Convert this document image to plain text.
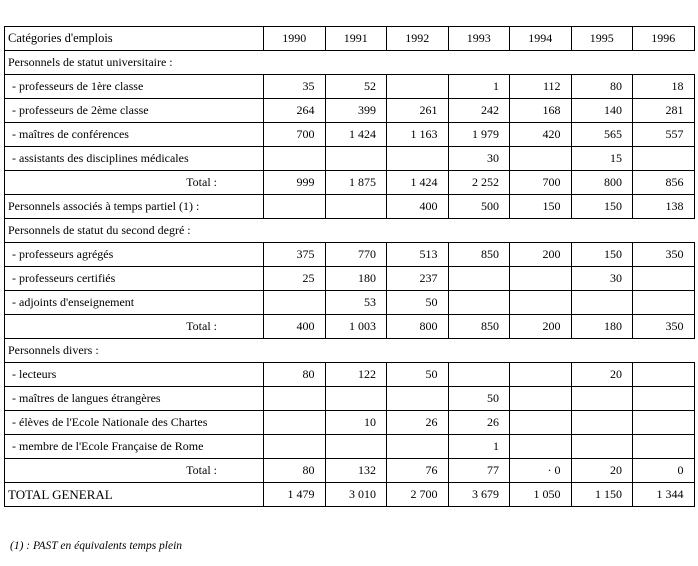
Catégories d'emplois	1990	1991	1992	1993	1994	1995	1996
Personnels de statut universitaire :							
- professeurs de 1ère classe	35	52		1	112	80	18
- professeurs de 2ème classe	264	399	261	242	168	140	281
- maîtres de conférences	700	1 424	1 163	1 979	420	565	557
- assistants des disciplines médicales				30		15	
Total :	999	1 875	1 424	2 252	700	800	856
Personnels associés à temps partiel (1) :			400	500	150	150	138
Personnels de statut du second degré :							
- professeurs agrégés	375	770	513	850	200	150	350
- professeurs certifiés	25	180	237			30	
- adjoints d'enseignement		53	50				
Total :	400	1 003	800	850	200	180	350
Personnels divers :							
- lecteurs	80	122	50			20	
- maîtres de langues étrangères				50			
- élèves de l'Ecole Nationale des Chartes		10	26	26			
- membre de l'Ecole Française de Rome				1			
Total :	80	132	76	77	· 0	20	0
TOTAL GENERAL	1 479	3 010	2 700	3 679	1 050	1 150	1 344
(1) : PAST en équivalents temps plein
